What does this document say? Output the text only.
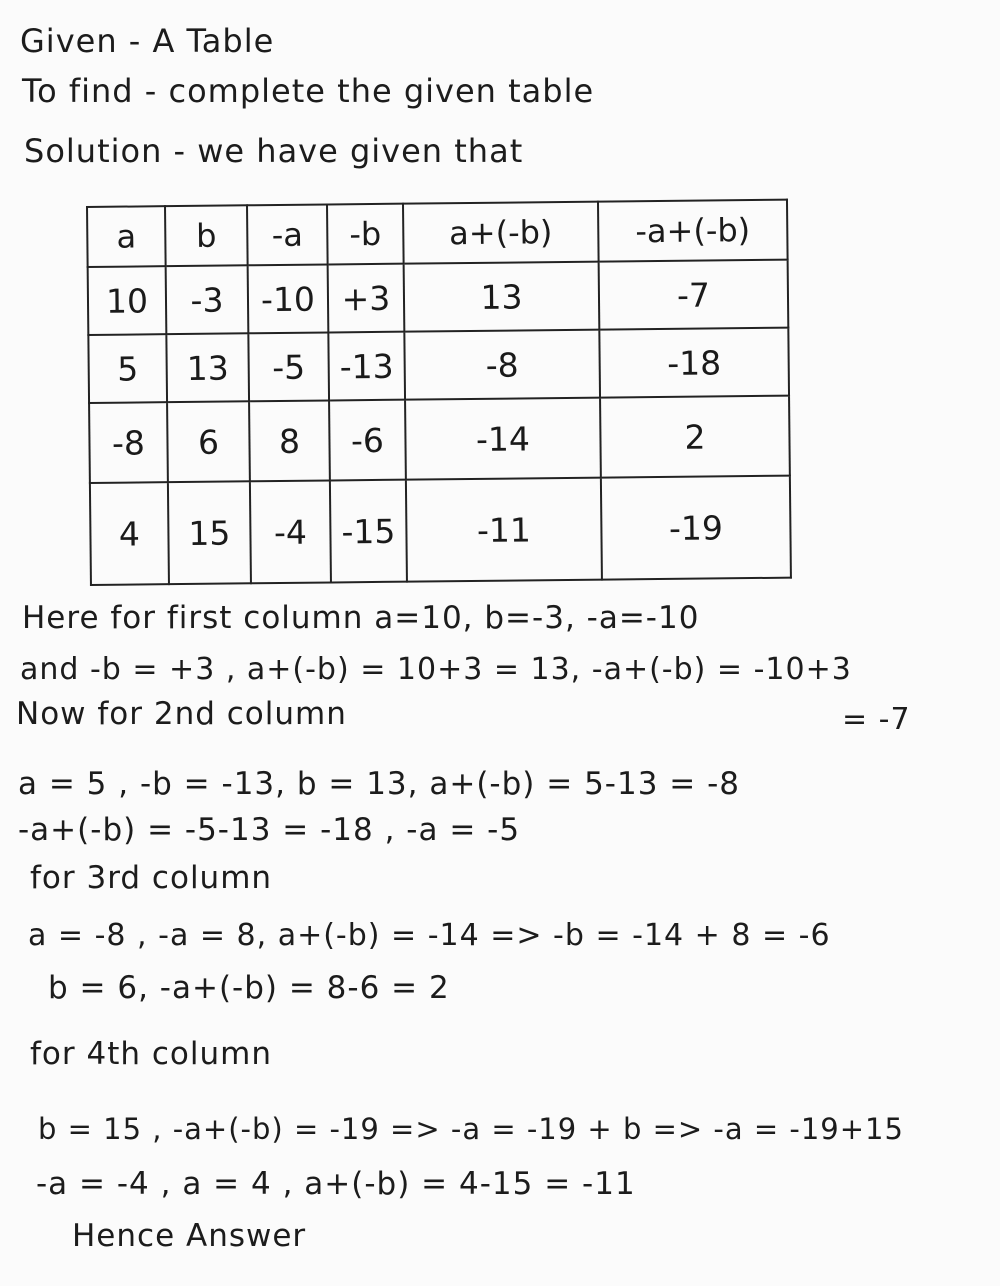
Given - A Table
To find - complete the given table
Solution - we have given that
a	b	-a	-b	a+(-b)	-a+(-b)
10	-3	-10	+3	13	-7
5	13	-5	-13	-8	-18
-8	6	8	-6	-14	2
4	15	-4	-15	-11	-19
Here for first column a=10, b=-3, -a=-10
and -b = +3 , a+(-b) = 10+3 = 13, -a+(-b) = -10+3
= -7
Now for 2nd column
a = 5 , -b = -13, b = 13, a+(-b) = 5-13 = -8
-a+(-b) = -5-13 = -18 , -a = -5
for 3rd column
a = -8 , -a = 8, a+(-b) = -14 => -b = -14 + 8 = -6
b = 6, -a+(-b) = 8-6 = 2
for 4th column
b = 15 , -a+(-b) = -19 => -a = -19 + b => -a = -19+15
-a = -4 , a = 4 , a+(-b) = 4-15 = -11
Hence Answer
